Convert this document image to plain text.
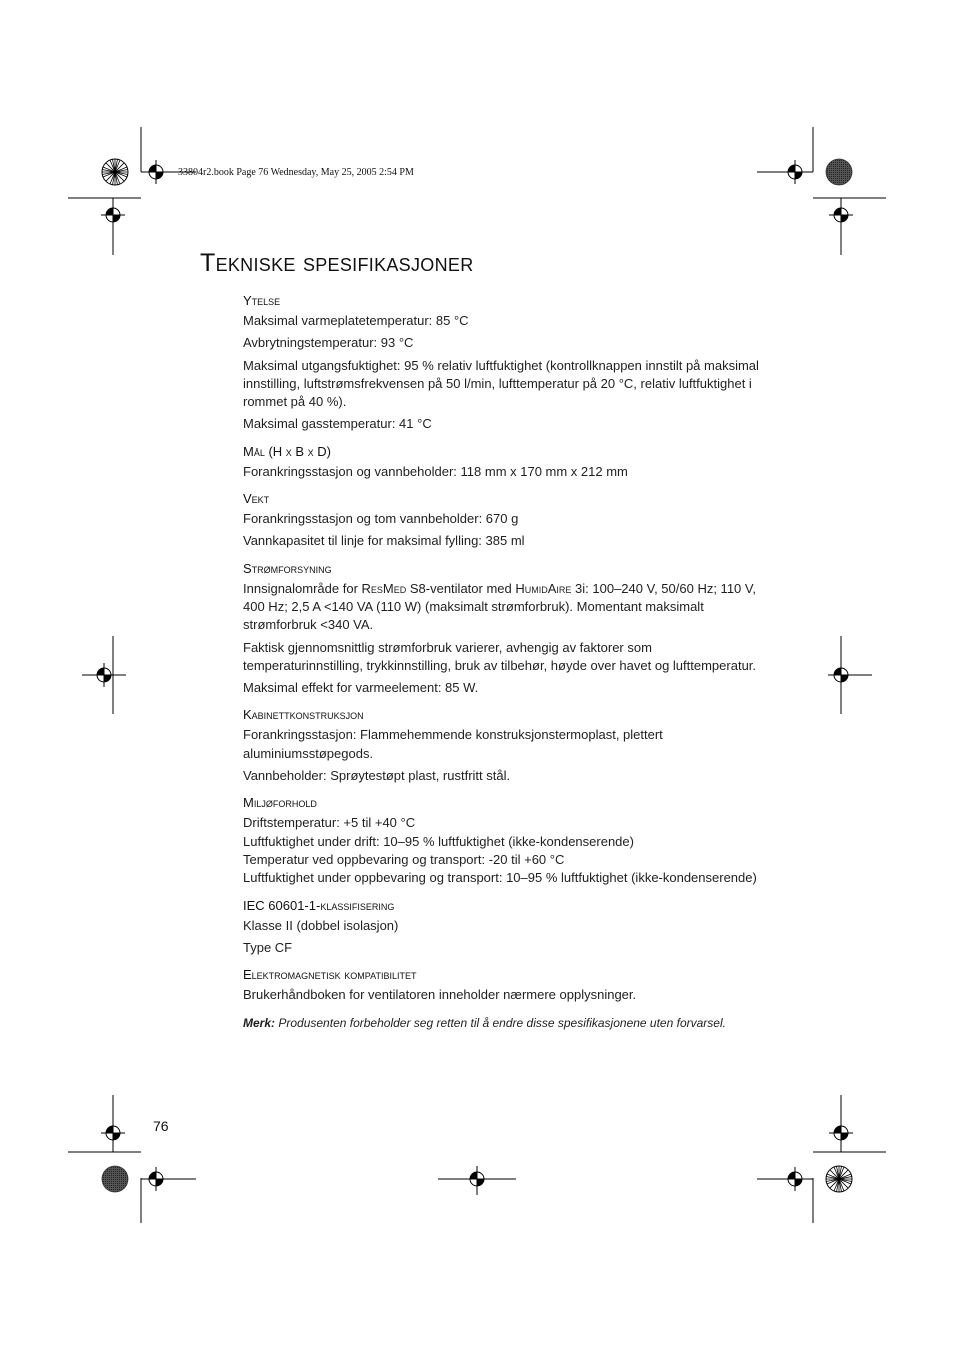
33804r2.book Page 76 Wednesday, May 25, 2005 2:54 PM
Tekniske spesifikasjoner
Ytelse

Maksimal varmeplatetemperatur: 85 °C

Avbrytningstemperatur: 93 °C

Maksimal utgangsfuktighet: 95 % relativ luftfuktighet (kontrollknappen innstilt på maksimal innstilling, luftstrømsfrekvensen på 50 l/min, lufttemperatur på 20 °C, relativ luftfuktighet i rommet på 40 %).

Maksimal gasstemperatur: 41 °C

Mål (H x B x D)

Forankringsstasjon og vannbeholder: 118 mm x 170 mm x 212 mm

Vekt

Forankringsstasjon og tom vannbeholder: 670 g

Vannkapasitet til linje for maksimal fylling: 385 ml

Strømforsyning

Innsignalområde for ResMed S8-ventilator med HumidAire 3i: 100–240 V, 50/60 Hz; 110 V, 400 Hz; 2,5 A <140 VA (110 W) (maksimalt strømforbruk). Momentant maksimalt strømforbruk <340 VA.

Faktisk gjennomsnittlig strømforbruk varierer, avhengig av faktorer som temperaturinnstilling, trykkinnstilling, bruk av tilbehør, høyde over havet og lufttemperatur.

Maksimal effekt for varmeelement: 85 W.

Kabinettkonstruksjon

Forankringsstasjon: Flammehemmende konstruksjonstermoplast, plettert aluminiumsstøpegods.

Vannbeholder: Sprøytestøpt plast, rustfritt stål.

Miljøforhold

Driftstemperatur: +5 til +40 °C

Luftfuktighet under drift: 10–95 % luftfuktighet (ikke-kondenserende)

Temperatur ved oppbevaring og transport: -20 til +60 °C

Luftfuktighet under oppbevaring og transport: 10–95 % luftfuktighet (ikke-kondenserende)

IEC 60601-1-klassifisering

Klasse II (dobbel isolasjon)

Type CF

Elektromagnetisk kompatibilitet

Brukerhåndboken for ventilatoren inneholder nærmere opplysninger.

Merk: Produsenten forbeholder seg retten til å endre disse spesifikasjonene uten forvarsel.
76
